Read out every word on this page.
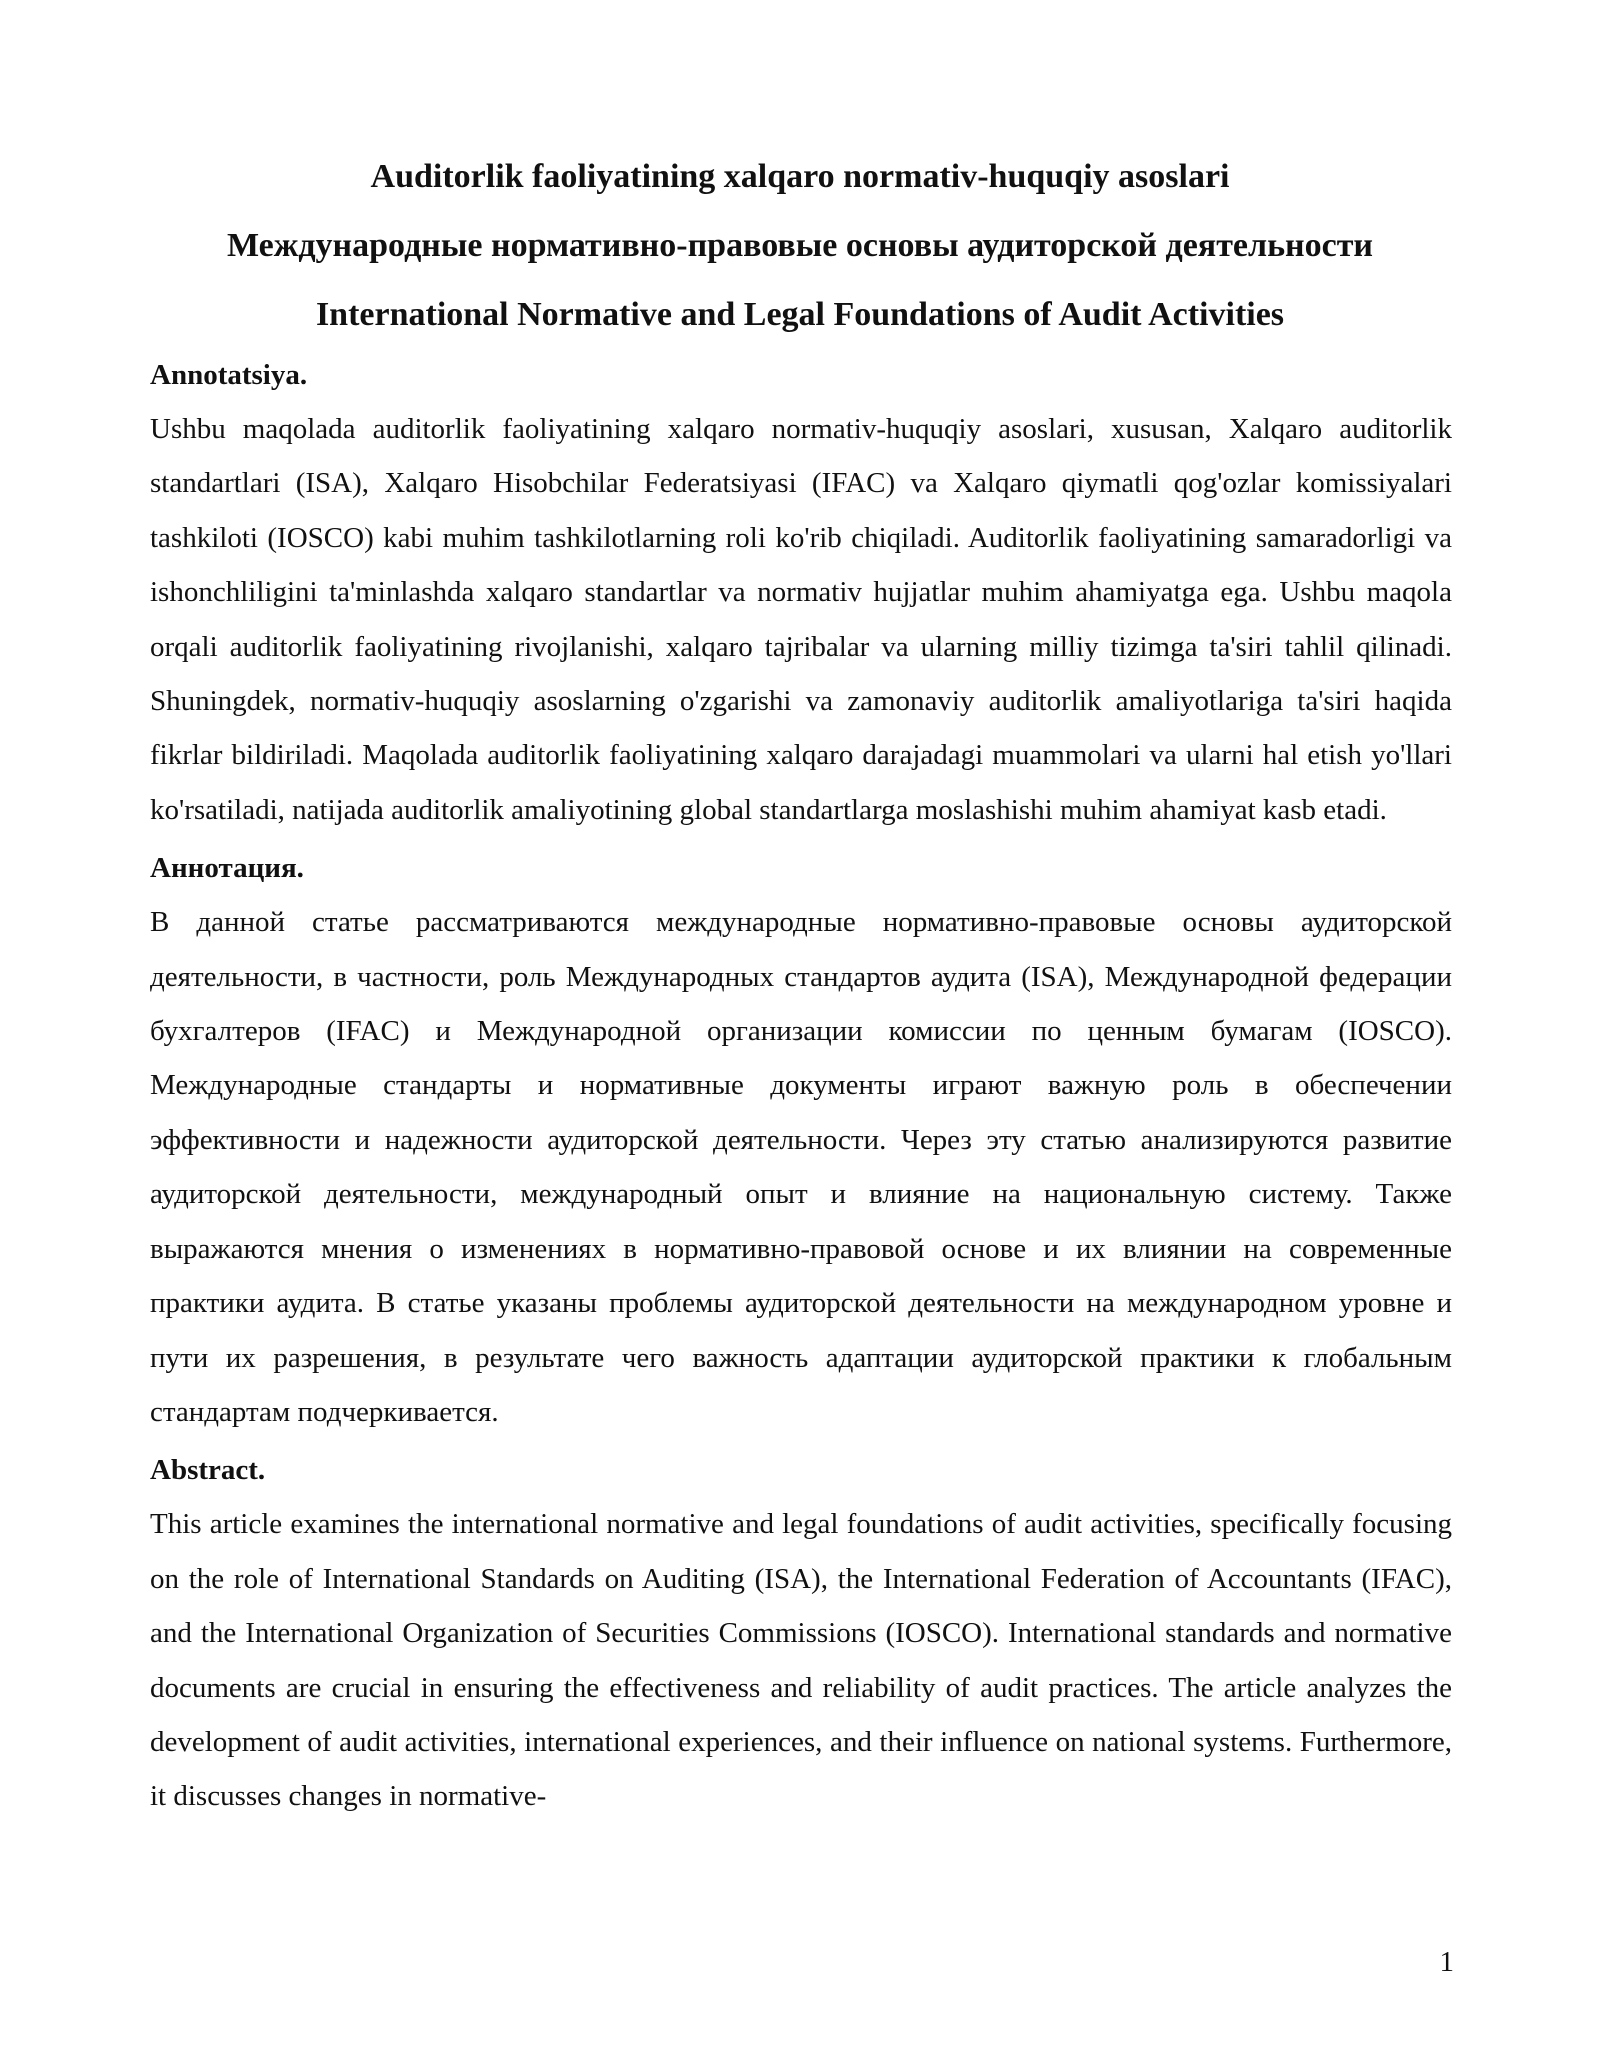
Auditorlik faoliyatining xalqaro normativ-huquqiy asoslari

Международные нормативно-правовые основы аудиторской деятельности

International Normative and Legal Foundations of Audit Activities

Annotatsiya.

Ushbu maqolada auditorlik faoliyatining xalqaro normativ-huquqiy asoslari, xususan, Xalqaro auditorlik standartlari (ISA), Xalqaro Hisobchilar Federatsiyasi (IFAC) va Xalqaro qiymatli qog'ozlar komissiyalari tashkiloti (IOSCO) kabi muhim tashkilotlarning roli ko'rib chiqiladi. Auditorlik faoliyatining samaradorligi va ishonchliligini ta'minlashda xalqaro standartlar va normativ hujjatlar muhim ahamiyatga ega. Ushbu maqola orqali auditorlik faoliyatining rivojlanishi, xalqaro tajribalar va ularning milliy tizimga ta'siri tahlil qilinadi. Shuningdek, normativ-huquqiy asoslarning o'zgarishi va zamonaviy auditorlik amaliyotlariga ta'siri haqida fikrlar bildiriladi. Maqolada auditorlik faoliyatining xalqaro darajadagi muammolari va ularni hal etish yo'llari ko'rsatiladi, natijada auditorlik amaliyotining global standartlarga moslashishi muhim ahamiyat kasb etadi.

Аннотация.

В данной статье рассматриваются международные нормативно-правовые основы аудиторской деятельности, в частности, роль Международных стандартов аудита (ISA), Международной федерации бухгалтеров (IFAC) и Международной организации комиссии по ценным бумагам (IOSCO). Международные стандарты и нормативные документы играют важную роль в обеспечении эффективности и надежности аудиторской деятельности. Через эту статью анализируются развитие аудиторской деятельности, международный опыт и влияние на национальную систему. Также выражаются мнения о изменениях в нормативно-правовой основе и их влиянии на современные практики аудита. В статье указаны проблемы аудиторской деятельности на международном уровне и пути их разрешения, в результате чего важность адаптации аудиторской практики к глобальным стандартам подчеркивается.

Abstract.

This article examines the international normative and legal foundations of audit activities, specifically focusing on the role of International Standards on Auditing (ISA), the International Federation of Accountants (IFAC), and the International Organization of Securities Commissions (IOSCO). International standards and normative documents are crucial in ensuring the effectiveness and reliability of audit practices. The article analyzes the development of audit activities, international experiences, and their influence on national systems. Furthermore, it discusses changes in normative-

1
